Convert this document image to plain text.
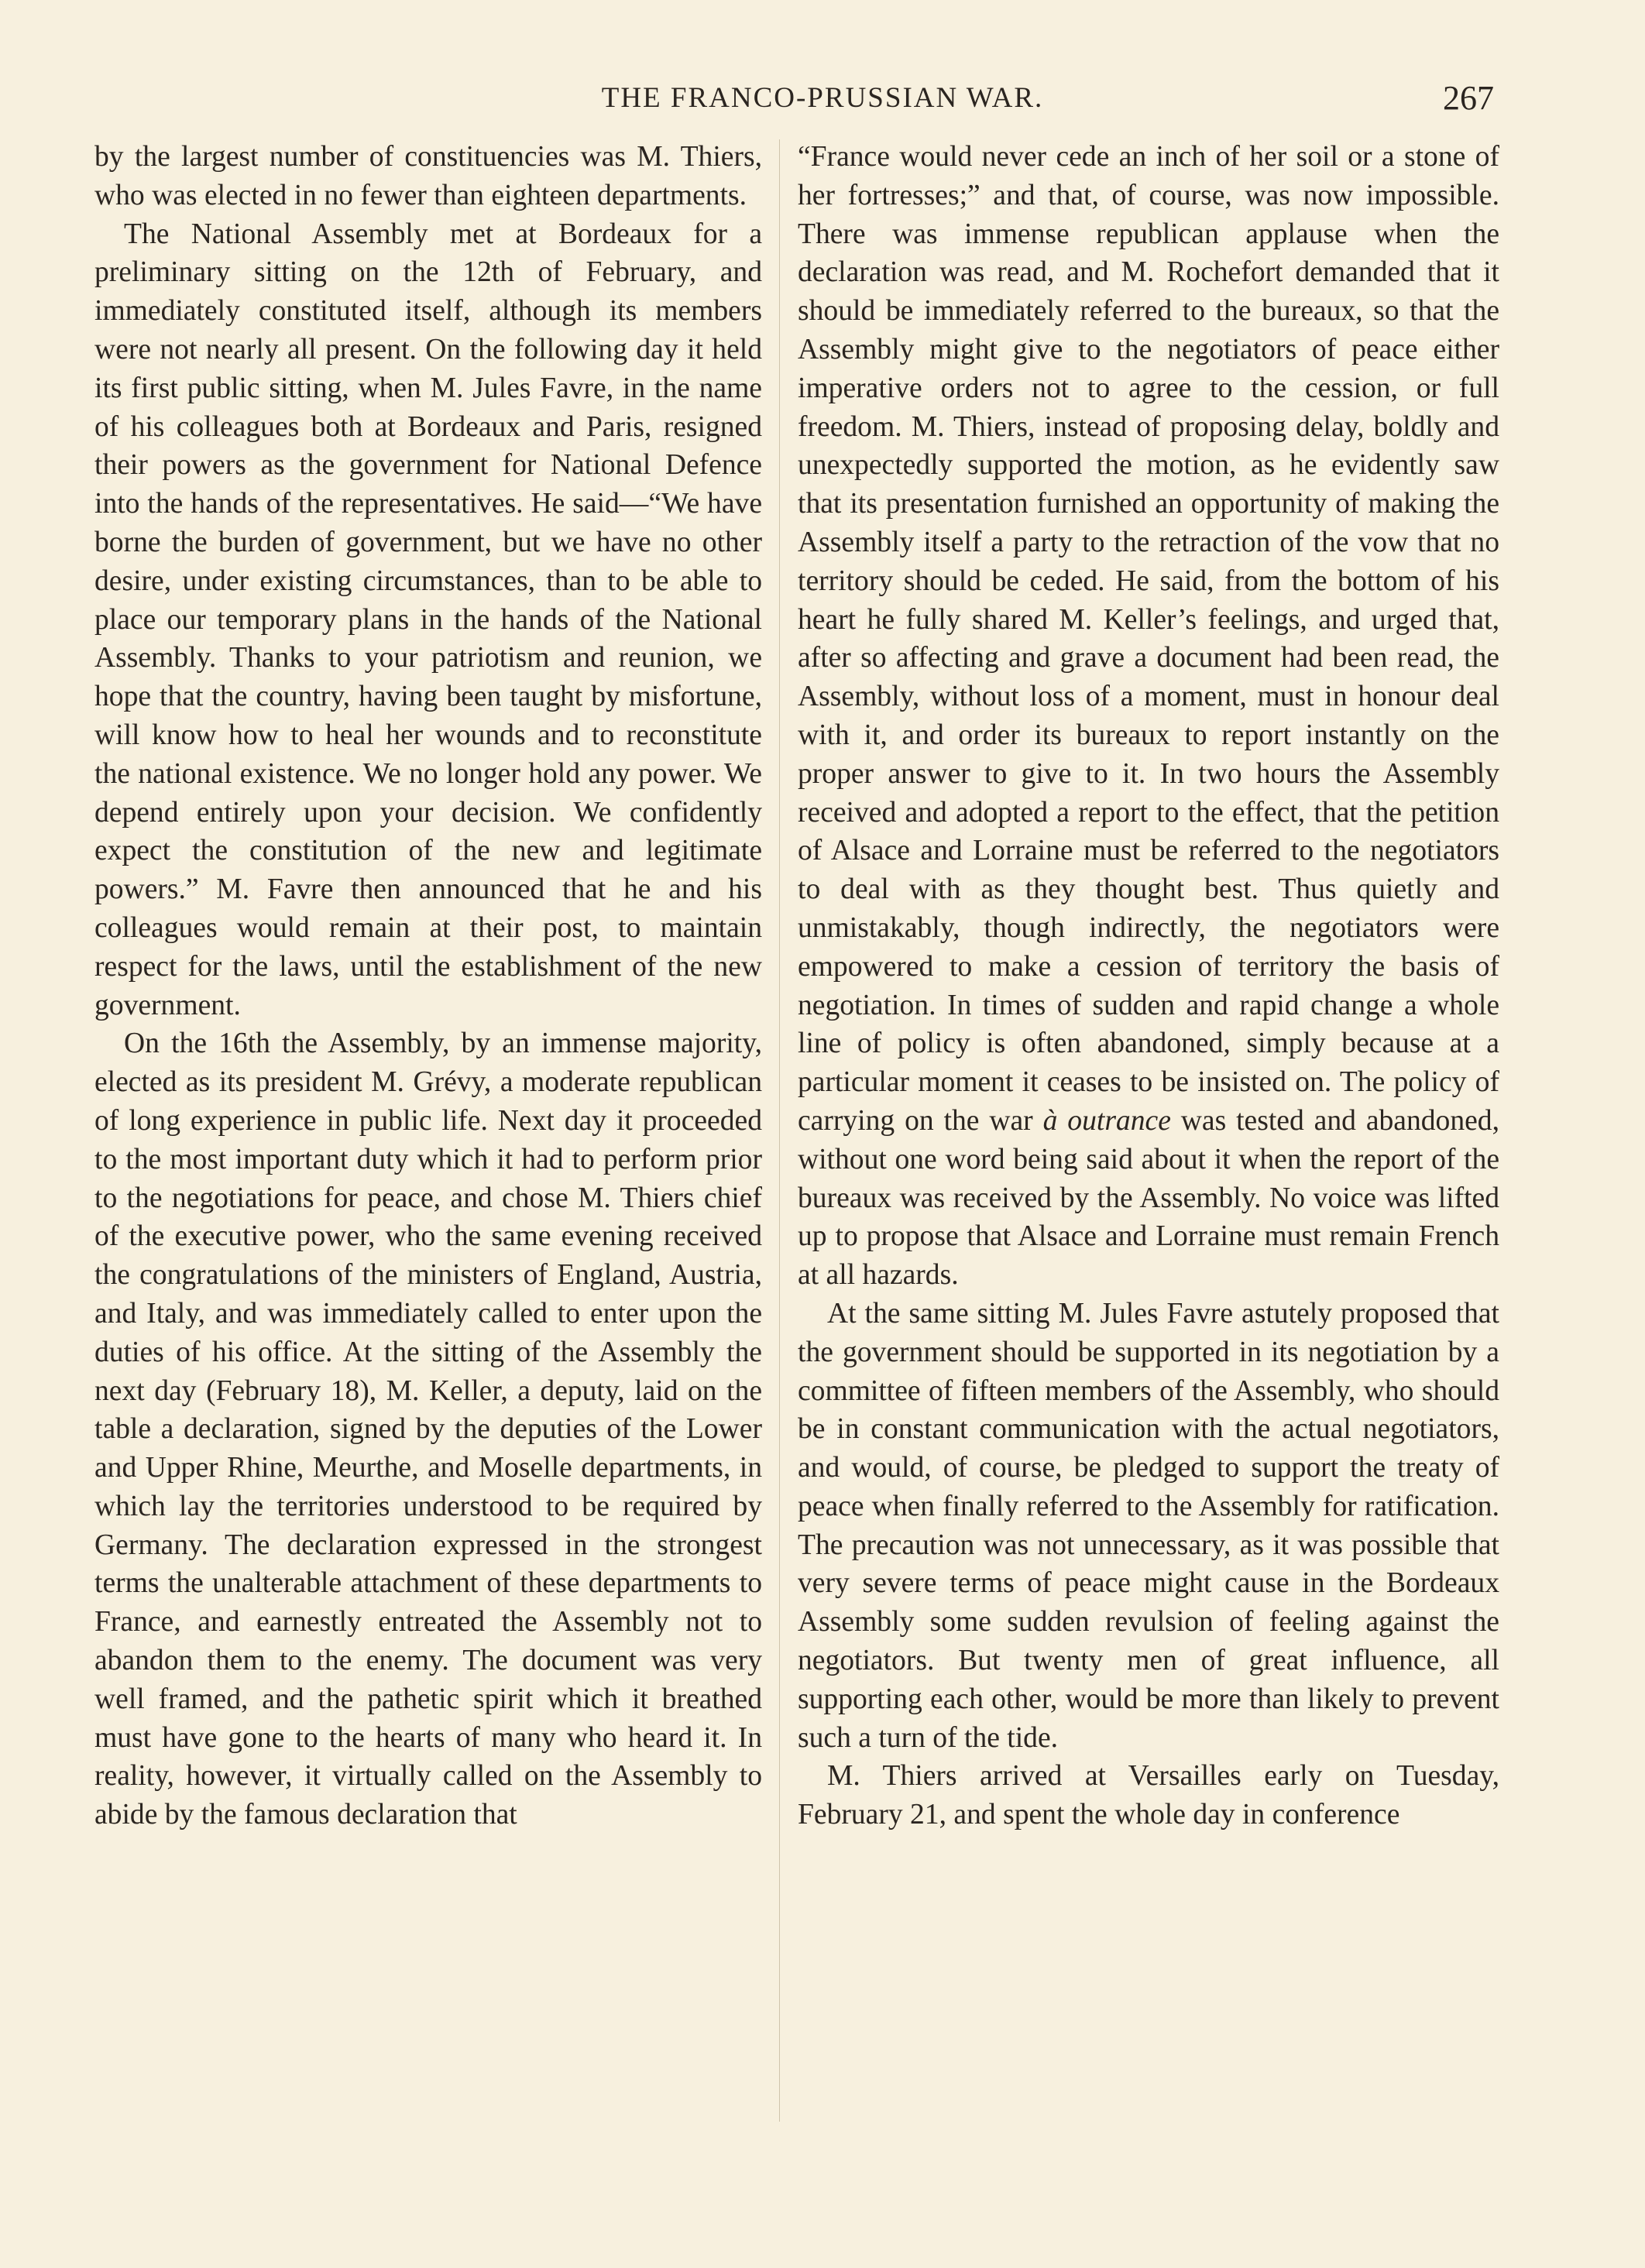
THE FRANCO-PRUSSIAN WAR.	267

by the largest number of constituencies was M. Thiers, who was elected in no fewer than eighteen departments.

The National Assembly met at Bordeaux for a preliminary sitting on the 12th of February, and immediately constituted itself, although its members were not nearly all present. On the following day it held its first public sitting, when M. Jules Favre, in the name of his colleagues both at Bordeaux and Paris, resigned their powers as the government for National Defence into the hands of the representatives. He said—“We have borne the burden of government, but we have no other desire, under existing circumstances, than to be able to place our temporary plans in the hands of the National Assembly. Thanks to your patriotism and reunion, we hope that the country, having been taught by misfortune, will know how to heal her wounds and to reconstitute the national existence. We no longer hold any power. We depend entirely upon your decision. We confidently expect the constitution of the new and legitimate powers.” M. Favre then announced that he and his colleagues would remain at their post, to maintain respect for the laws, until the establishment of the new government.

On the 16th the Assembly, by an immense majority, elected as its president M. Grévy, a moderate republican of long experience in public life. Next day it proceeded to the most important duty which it had to perform prior to the negotiations for peace, and chose M. Thiers chief of the executive power, who the same evening received the congratulations of the ministers of England, Austria, and Italy, and was immediately called to enter upon the duties of his office. At the sitting of the Assembly the next day (February 18), M. Keller, a deputy, laid on the table a declaration, signed by the deputies of the Lower and Upper Rhine, Meurthe, and Moselle departments, in which lay the territories understood to be required by Germany. The declaration expressed in the strongest terms the unalterable attachment of these departments to France, and earnestly entreated the Assembly not to abandon them to the enemy. The document was very well framed, and the pathetic spirit which it breathed must have gone to the hearts of many who heard it. In reality, however, it virtually called on the Assembly to abide by the famous declaration that

“France would never cede an inch of her soil or a stone of her fortresses;” and that, of course, was now impossible. There was immense republican applause when the declaration was read, and M. Rochefort demanded that it should be immediately referred to the bureaux, so that the Assembly might give to the negotiators of peace either imperative orders not to agree to the cession, or full freedom. M. Thiers, instead of proposing delay, boldly and unexpectedly supported the motion, as he evidently saw that its presentation furnished an opportunity of making the Assembly itself a party to the retraction of the vow that no territory should be ceded. He said, from the bottom of his heart he fully shared M. Keller’s feelings, and urged that, after so affecting and grave a document had been read, the Assembly, without loss of a moment, must in honour deal with it, and order its bureaux to report instantly on the proper answer to give to it. In two hours the Assembly received and adopted a report to the effect, that the petition of Alsace and Lorraine must be referred to the negotiators to deal with as they thought best. Thus quietly and unmistakably, though indirectly, the negotiators were empowered to make a cession of territory the basis of negotiation. In times of sudden and rapid change a whole line of policy is often abandoned, simply because at a particular moment it ceases to be insisted on. The policy of carrying on the war à outrance was tested and abandoned, without one word being said about it when the report of the bureaux was received by the Assembly. No voice was lifted up to propose that Alsace and Lorraine must remain French at all hazards.

At the same sitting M. Jules Favre astutely proposed that the government should be supported in its negotiation by a committee of fifteen members of the Assembly, who should be in constant communication with the actual negotiators, and would, of course, be pledged to support the treaty of peace when finally referred to the Assembly for ratification. The precaution was not unnecessary, as it was possible that very severe terms of peace might cause in the Bordeaux Assembly some sudden revulsion of feeling against the negotiators. But twenty men of great influence, all supporting each other, would be more than likely to prevent such a turn of the tide.

M. Thiers arrived at Versailles early on Tuesday, February 21, and spent the whole day in conference
